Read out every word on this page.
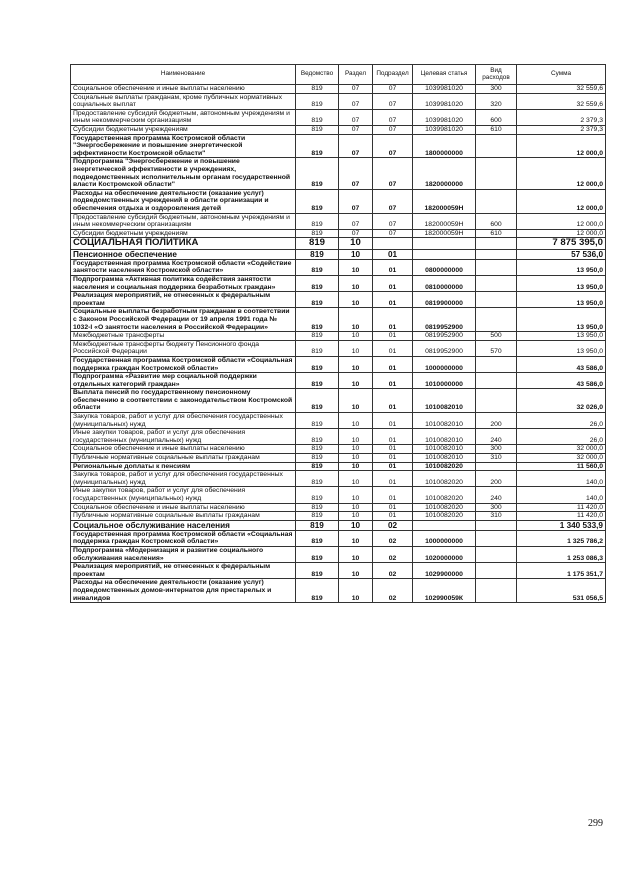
Наименование	Ведомство	Раздел	Подраздел	Целевая статья	Вид расходов	Сумма
Социальное обеспечение и иные выплаты населению	819	07	07	1039981020	300	32 559,6
Социальные выплаты гражданам, кроме публичных нормативных социальных выплат	819	07	07	1039981020	320	32 559,6
Предоставление субсидий бюджетным, автономным учреждениям и иным некоммерческим организациям	819	07	07	1039981020	600	2 379,3
Субсидии бюджетным учреждениям	819	07	07	1039981020	610	2 379,3
Государственная программа Костромской области "Энергосбережение и повышение энергетической эффективности Костромской области"	819	07	07	1800000000		12 000,0
Подпрограмма "Энергосбережение и повышение энергетической эффективности в учреждениях, подведомственных исполнительным органам государственной власти Костромской области"	819	07	07	1820000000		12 000,0
Расходы на обеспечение деятельности (оказание услуг) подведомственных учреждений в области организации и обеспечения отдыха и оздоровления детей	819	07	07	182000059Н		12 000,0
Предоставление субсидий бюджетным, автономным учреждениям и иным некоммерческим организациям	819	07	07	182000059Н	600	12 000,0
Субсидии бюджетным учреждениям	819	07	07	182000059Н	610	12 000,0
СОЦИАЛЬНАЯ ПОЛИТИКА	819	10				7 875 395,0
Пенсионное обеспечение	819	10	01			57 536,0
Государственная программа Костромской области «Содействие занятости населения Костромской области»	819	10	01	0800000000		13 950,0
Подпрограмма «Активная политика содействия занятости населения и социальная поддержка безработных граждан»	819	10	01	0810000000		13 950,0
Реализация мероприятий, не отнесенных к федеральным проектам	819	10	01	0819900000		13 950,0
Социальные выплаты безработным гражданам в соответствии с Законом Российской Федерации от 19 апреля 1991 года № 1032-I «О занятости населения в Российской Федерации»	819	10	01	0819952900		13 950,0
Межбюджетные трансферты	819	10	01	0819952900	500	13 950,0
Межбюджетные трансферты бюджету Пенсионного фонда Российской Федерации	819	10	01	0819952900	570	13 950,0
Государственная программа Костромской области «Социальная поддержка граждан Костромской области»	819	10	01	1000000000		43 586,0
Подпрограмма «Развитие мер социальной поддержки отдельных категорий граждан»	819	10	01	1010000000		43 586,0
Выплата пенсий по государственному пенсионному обеспечению в соответствии с законодательством Костромской области	819	10	01	1010082010		32 026,0
Закупка товаров, работ и услуг для обеспечения государственных (муниципальных) нужд	819	10	01	1010082010	200	26,0
Иные закупки товаров, работ и услуг для обеспечения государственных (муниципальных) нужд	819	10	01	1010082010	240	26,0
Социальное обеспечение и иные выплаты населению	819	10	01	1010082010	300	32 000,0
Публичные нормативные социальные выплаты гражданам	819	10	01	1010082010	310	32 000,0
Региональные доплаты к пенсиям	819	10	01	1010082020		11 560,0
Закупка товаров, работ и услуг для обеспечения государственных (муниципальных) нужд	819	10	01	1010082020	200	140,0
Иные закупки товаров, работ и услуг для обеспечения государственных (муниципальных) нужд	819	10	01	1010082020	240	140,0
Социальное обеспечение и иные выплаты населению	819	10	01	1010082020	300	11 420,0
Публичные нормативные социальные выплаты гражданам	819	10	01	1010082020	310	11 420,0
Социальное обслуживание населения	819	10	02			1 340 533,9
Государственная программа Костромской области «Социальная поддержка граждан Костромской области»	819	10	02	1000000000		1 325 786,2
Подпрограмма «Модернизация и развитие социального обслуживания населения»	819	10	02	1020000000		1 253 086,3
Реализация мероприятий, не отнесенных к федеральным проектам	819	10	02	1029900000		1 175 351,7
Расходы на обеспечение деятельности (оказание услуг) подведомственных домов-интернатов для престарелых и инвалидов	819	10	02	102990059К		531 056,5
299
